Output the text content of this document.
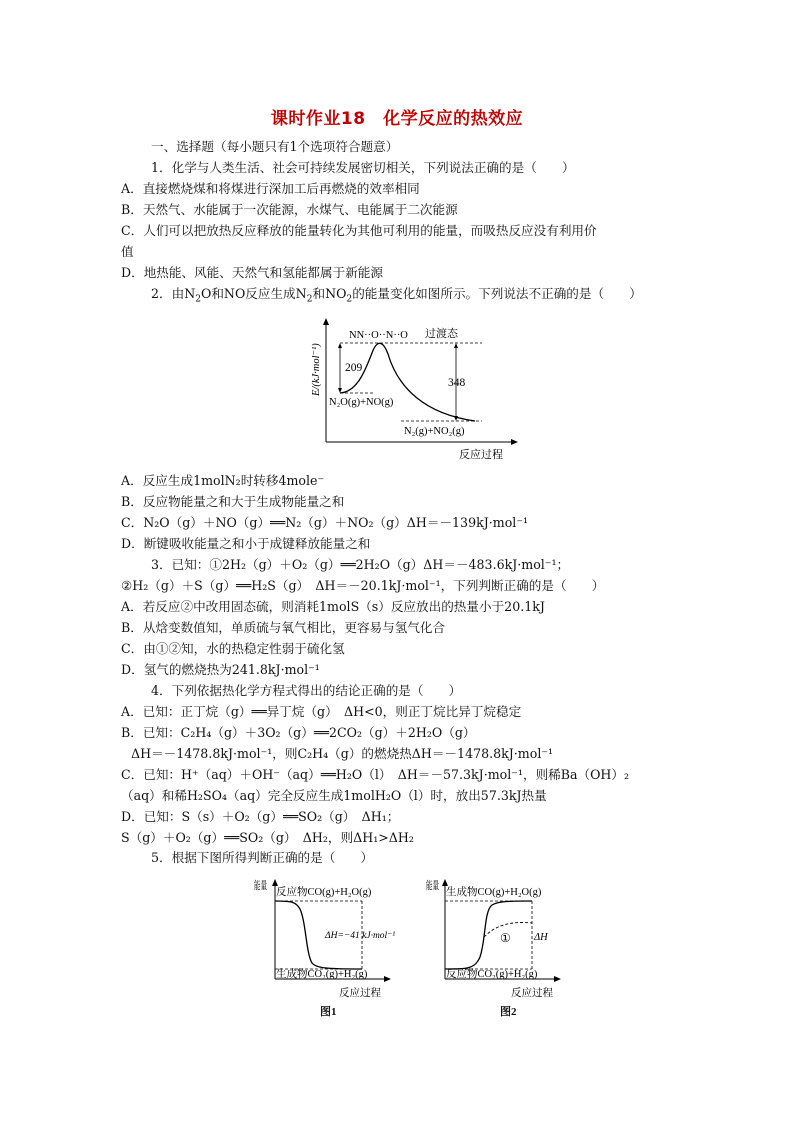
课时作业18　化学反应的热效应
一、选择题（每小题只有1个选项符合题意）
1．化学与人类生活、社会可持续发展密切相关，下列说法正确的是（　　）
A．直接燃烧煤和将煤进行深加工后再燃烧的效率相同
B．天然气、水能属于一次能源，水煤气、电能属于二次能源
C．人们可以把放热反应释放的能量转化为其他可利用的能量，而吸热反应没有利用价
值
D．地热能、风能、天然气和氢能都属于新能源
2．由$N_2O$和NO反应生成$N_2$和$NO_2$的能量变化如图所示。下列说法不正确的是（　　）
E/(kJ·mol⁻¹) 209
348
NN··O··N··O 过渡态
N₂O(g)+NO(g)
N₂(g)+NO₂(g)
反应过程
A．反应生成1molN₂时转移4mole⁻
B．反应物能量之和大于生成物能量之和
C．N₂O（g）＋NO（g）══N₂（g）＋NO₂（g）ΔH＝－139kJ·mol⁻¹
D．断键吸收能量之和小于成键释放能量之和
3．已知：①2H₂（g）＋O₂（g）══2H₂O（g）ΔH＝－483.6kJ·mol⁻¹；
②H₂（g）＋S（g）══H₂S（g）　ΔH＝－20.1kJ·mol⁻¹，下列判断正确的是（　　）
A．若反应②中改用固态硫，则消耗1molS（s）反应放出的热量小于20.1kJ
B．从焓变数值知，单质硫与氧气相比，更容易与氢气化合
C．由①②知，水的热稳定性弱于硫化氢
D．氢气的燃烧热为241.8kJ·mol⁻¹
4．下列依据热化学方程式得出的结论正确的是（　　）
A．已知：正丁烷（g）══异丁烷（g）　ΔH<0，则正丁烷比异丁烷稳定
B．已知：C₂H₄（g）＋3O₂（g）══2CO₂（g）＋2H₂O（g）
ΔH＝－1478.8kJ·mol⁻¹，则C₂H₄（g）的燃烧热ΔH＝－1478.8kJ·mol⁻¹
C．已知：H⁺（aq）＋OH⁻（aq）══H₂O（l）　ΔH＝－57.3kJ·mol⁻¹，则稀Ba（OH）₂
（aq）和稀H₂SO₄（aq）完全反应生成1molH₂O（l）时，放出57.3kJ热量
D．已知：S（s）＋O₂（g）══SO₂（g）　ΔH₁；
S（g）＋O₂（g）══SO₂（g）　ΔH₂，则ΔH₁>ΔH₂
5．根据下图所得判断正确的是（　　）
能量
反应物CO(g)+H₂O(g)
生成物CO₂(g)+H₂(g)
ΔH=−41 kJ·mol⁻¹
反应过程
图1
能量
① ΔH
生成物CO(g)+H₂O(g)
反应物CO₂(g)+H₂(g)
反应过程
图2
